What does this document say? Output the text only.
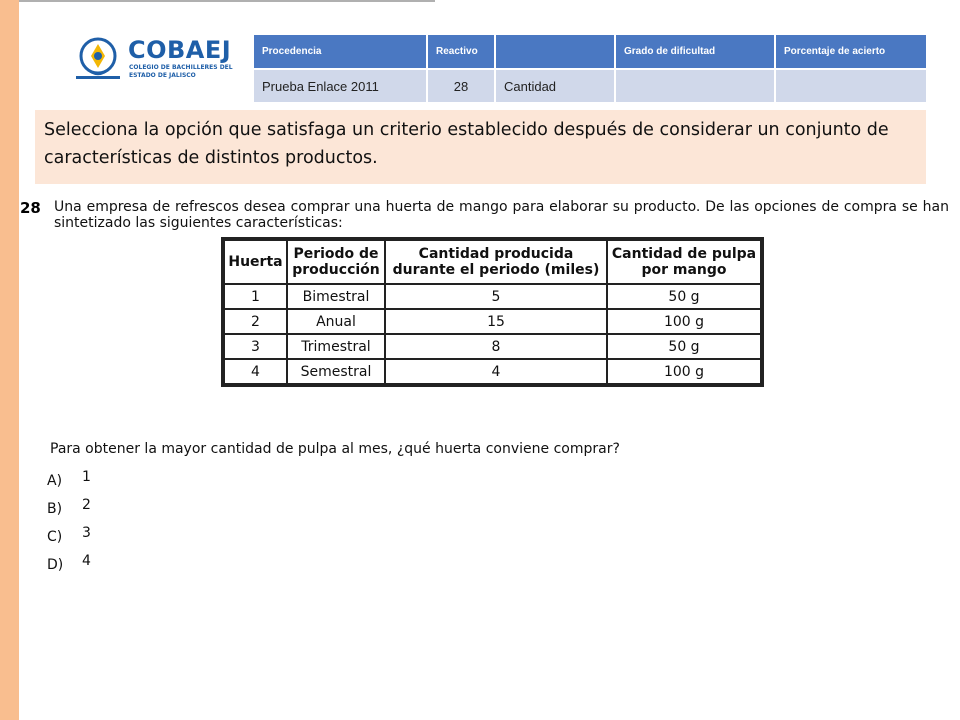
COBAEJ
COLEGIO DE BACHILLERES DEL ESTADO DE JALISCO
Procedencia	Reactivo		Grado de dificultad	Porcentaje de acierto
Prueba Enlace 2011	28	Cantidad		
Selecciona la opción que satisfaga un criterio establecido después de considerar un conjunto de características de distintos productos.
28 Una empresa de refrescos desea comprar una huerta de mango para elaborar su producto. De las opciones de compra se han sintetizado las siguientes características:
Huerta	Periodo de producción	Cantidad producida durante el periodo (miles)	Cantidad de pulpa por mango
1	Bimestral	5	50 g
2	Anual	15	100 g
3	Trimestral	8	50 g
4	Semestral	4	100 g
Para obtener la mayor cantidad de pulpa al mes, ¿qué huerta conviene comprar?
A) 1
B) 2
C) 3
D) 4
